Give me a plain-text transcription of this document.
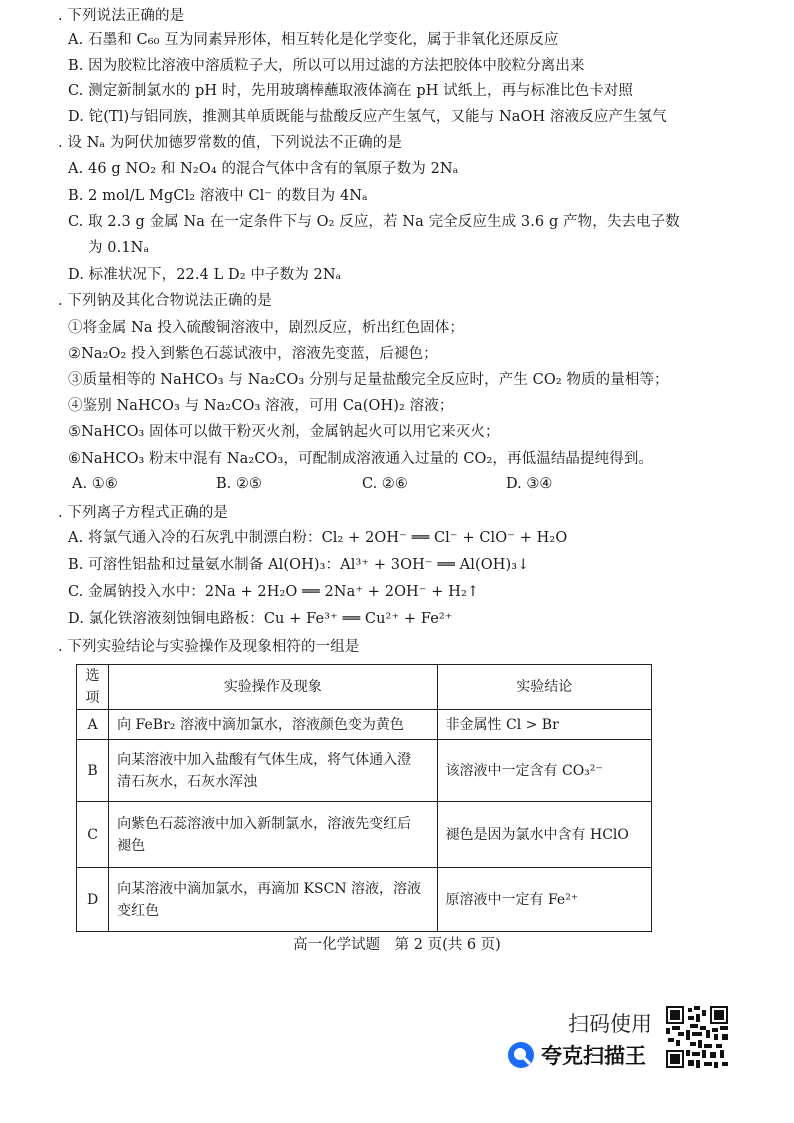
. 下列说法正确的是
A. 石墨和 C₆₀ 互为同素异形体，相互转化是化学变化，属于非氧化还原反应
B. 因为胶粒比溶液中溶质粒子大，所以可以用过滤的方法把胶体中胶粒分离出来
C. 测定新制氯水的 pH 时，先用玻璃棒蘸取液体滴在 pH 试纸上，再与标准比色卡对照
D. 铊(Tl)与铝同族，推测其单质既能与盐酸反应产生氢气，又能与 NaOH 溶液反应产生氢气
. 设 Nₐ 为阿伏加德罗常数的值，下列说法不正确的是
A. 46 g NO₂ 和 N₂O₄ 的混合气体中含有的氧原子数为 2Nₐ
B. 2 mol/L MgCl₂ 溶液中 Cl⁻ 的数目为 4Nₐ
C. 取 2.3 g 金属 Na 在一定条件下与 O₂ 反应，若 Na 完全反应生成 3.6 g 产物，失去电子数
为 0.1Nₐ
D. 标准状况下，22.4 L D₂ 中子数为 2Nₐ
. 下列钠及其化合物说法正确的是
①将金属 Na 投入硫酸铜溶液中，剧烈反应，析出红色固体；
②Na₂O₂ 投入到紫色石蕊试液中，溶液先变蓝，后褪色；
③质量相等的 NaHCO₃ 与 Na₂CO₃ 分别与足量盐酸完全反应时，产生 CO₂ 物质的量相等；
④鉴别 NaHCO₃ 与 Na₂CO₃ 溶液，可用 Ca(OH)₂ 溶液；
⑤NaHCO₃ 固体可以做干粉灭火剂，金属钠起火可以用它来灭火；
⑥NaHCO₃ 粉末中混有 Na₂CO₃，可配制成溶液通入过量的 CO₂，再低温结晶提纯得到。
A. ①⑥	B. ②⑤	C. ②⑥	D. ③④
. 下列离子方程式正确的是
A. 将氯气通入冷的石灰乳中制漂白粉：Cl₂ + 2OH⁻ ══ Cl⁻ + ClO⁻ + H₂O
B. 可溶性铝盐和过量氨水制备 Al(OH)₃：Al³⁺ + 3OH⁻ ══ Al(OH)₃↓
C. 金属钠投入水中：2Na + 2H₂O ══ 2Na⁺ + 2OH⁻ + H₂↑
D. 氯化铁溶液刻蚀铜电路板：Cu + Fe³⁺ ══ Cu²⁺ + Fe²⁺
. 下列实验结论与实验操作及现象相符的一组是
选项	实验操作及现象	实验结论
A	向 FeBr₂ 溶液中滴加氯水，溶液颜色变为黄色	非金属性 Cl > Br
B	向某溶液中加入盐酸有气体生成，将气体通入澄
清石灰水，石灰水浑浊	该溶液中一定含有 CO₃²⁻
C	向紫色石蕊溶液中加入新制氯水，溶液先变红后
褪色	褪色是因为氯水中含有 HClO
D	向某溶液中滴加氯水，再滴加 KSCN 溶液，溶液
变红色	原溶液中一定有 Fe²⁺
高一化学试题　第 2 页(共 6 页)
扫码使用
夸克扫描王
